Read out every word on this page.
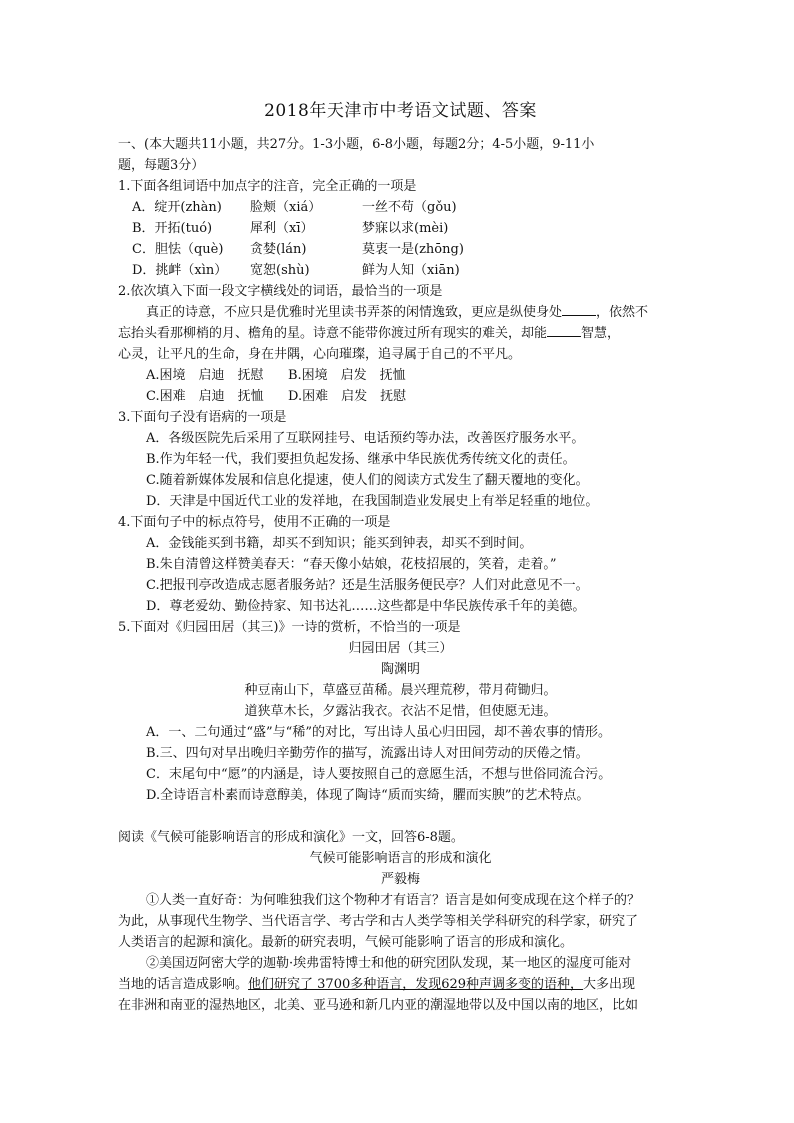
2018年天津市中考语文试题、答案
一、(本大题共11小题，共27分。1-3小题，6-8小题，每题2分；4-5小题，9-11小
题，每题3分）
1.下面各组词语中加点字的注音，完全正确的一项是
A．绽开(zhàn)	脸颊（xiá）	一丝不苟（gǒu)
B．开拓(tuó)	犀利（xī）	梦寐以求(mèi)
C．胆怯（què)	贪婪(lán)	莫衷一是(zhōng)
D．挑衅（xìn）	宽恕(shù)	鲜为人知（xiān)
2.依次填入下面一段文字横线处的词语，最恰当的一项是
真正的诗意，不应只是优雅时光里读书弄茶的闲情逸致，更应是纵使身处	，依然不
忘抬头看那柳梢的月、檐角的星。诗意不能带你渡过所有现实的难关，却能	智慧，
心灵，让平凡的生命，身在井隅，心向璀璨，追寻属于自己的不平凡。
A.困境　启迪　抚慰	B.困境　启发　抚恤
C.困难　启迪　抚恤	D.困难　启发　抚慰
3.下面句子没有语病的一项是
A．各级医院先后采用了互联网挂号、电话预约等办法，改善医疗服务水平。
B.作为年轻一代，我们要担负起发扬、继承中华民族优秀传统文化的责任。
C.随着新媒体发展和信息化提速，使人们的阅读方式发生了翻天覆地的变化。
D．天津是中国近代工业的发祥地，在我国制造业发展史上有举足轻重的地位。
4.下面句子中的标点符号，使用不正确的一项是
A．金钱能买到书籍，却买不到知识；能买到钟表，却买不到时间。
B.朱自清曾这样赞美春天：“春天像小姑娘，花枝招展的，笑着，走着。”
C.把报刊亭改造成志愿者服务站？还是生活服务便民亭？人们对此意见不一。
D．尊老爱幼、勤俭持家、知书达礼……这些都是中华民族传承千年的美德。
5.下面对《归园田居（其三)》一诗的赏析，不恰当的一项是
归园田居（其三）
陶渊明
种豆南山下，草盛豆苗稀。晨兴理荒秽，带月荷锄归。
道狭草木长，夕露沾我衣。衣沾不足惜，但使愿无违。
A．一、二句通过“盛”与“稀”的对比，写出诗人虽心归田园，却不善农事的情形。
B.三、四句对早出晚归辛勤劳作的描写，流露出诗人对田间劳动的厌倦之情。
C．末尾句中“愿”的内涵是，诗人要按照自己的意愿生活，不想与世俗同流合污。
D.全诗语言朴素而诗意醇美，体现了陶诗“质而实绮，臞而实腴”的艺术特点。
阅读《气候可能影响语言的形成和演化》一文，回答6-8题。
气候可能影响语言的形成和演化
严毅梅
①人类一直好奇：为何唯独我们这个物种才有语言？语言是如何变成现在这个样子的？
为此，从事现代生物学、当代语言学、考古学和古人类学等相关学科研究的科学家，研究了
人类语言的起源和演化。最新的研究表明，气候可能影响了语言的形成和演化。
②美国迈阿密大学的迦勒·埃弗雷特博士和他的研究团队发现，某一地区的湿度可能对
当地的话言造成影响。他们研究了 3700多种语言，发现629种声调多变的语种，大多出现
在非洲和南亚的湿热地区，北美、亚马逊和新几内亚的潮湿地带以及中国以南的地区，比如
